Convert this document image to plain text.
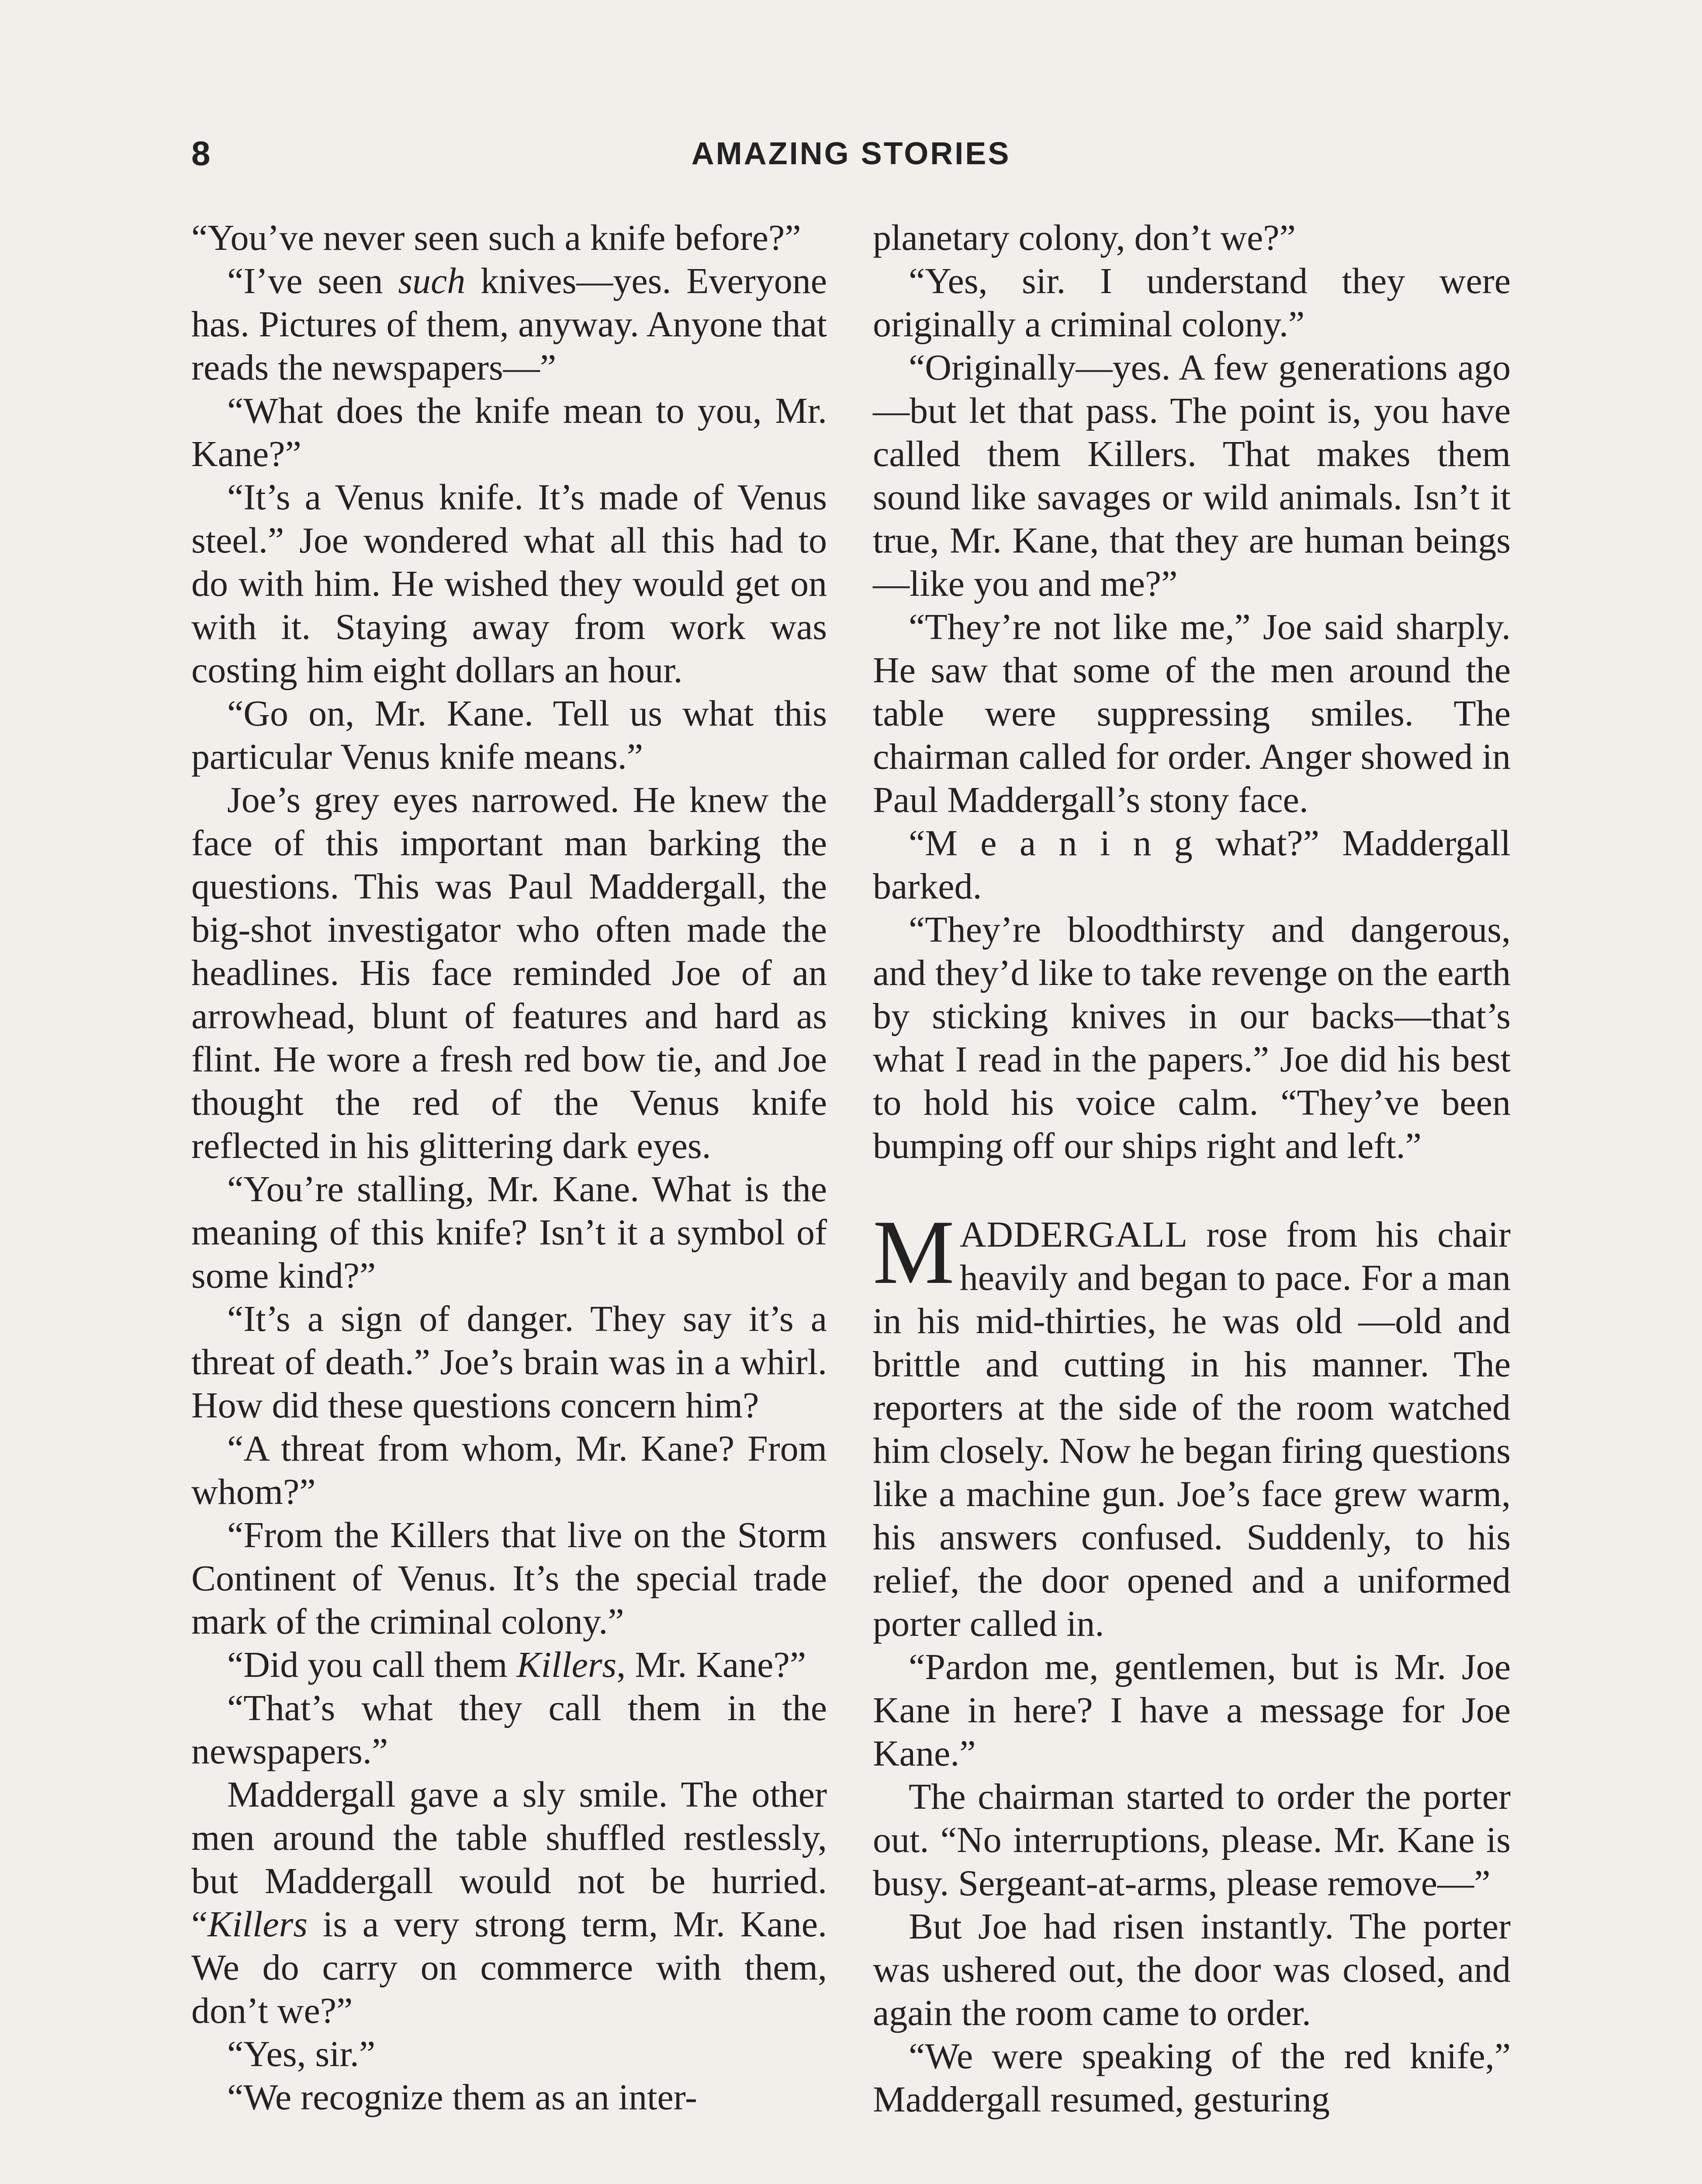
8	AMAZING STORIES

“You’ve never seen such a knife before?”

“I’ve seen such knives—yes. Everyone has. Pictures of them, anyway. Anyone that reads the newspapers—”

“What does the knife mean to you, Mr. Kane?”

“It’s a Venus knife. It’s made of Venus steel.” Joe wondered what all this had to do with him. He wished they would get on with it. Staying away from work was costing him eight dollars an hour.

“Go on, Mr. Kane. Tell us what this particular Venus knife means.”

Joe’s grey eyes narrowed. He knew the face of this important man barking the questions. This was Paul Maddergall, the big-shot investigator who often made the headlines. His face reminded Joe of an arrowhead, blunt of features and hard as flint. He wore a fresh red bow tie, and Joe thought the red of the Venus knife reflected in his glittering dark eyes.

“You’re stalling, Mr. Kane. What is the meaning of this knife? Isn’t it a symbol of some kind?”

“It’s a sign of danger. They say it’s a threat of death.” Joe’s brain was in a whirl. How did these questions concern him?

“A threat from whom, Mr. Kane? From whom?”

“From the Killers that live on the Storm Continent of Venus. It’s the special trade mark of the criminal colony.”

“Did you call them Killers, Mr. Kane?”

“That’s what they call them in the newspapers.”

Maddergall gave a sly smile. The other men around the table shuffled restlessly, but Maddergall would not be hurried. “Killers is a very strong term, Mr. Kane. We do carry on commerce with them, don’t we?”

“Yes, sir.”

“We recognize them as an inter-

planetary colony, don’t we?”

“Yes, sir. I understand they were originally a criminal colony.”

“Originally—yes. A few generations ago—but let that pass. The point is, you have called them Killers. That makes them sound like savages or wild animals. Isn’t it true, Mr. Kane, that they are human beings—like you and me?”

“They’re not like me,” Joe said sharply. He saw that some of the men around the table were suppressing smiles. The chairman called for order. Anger showed in Paul Maddergall’s stony face.

“M e a n i n g what?” Maddergall barked.

“They’re bloodthirsty and dangerous, and they’d like to take revenge on the earth by sticking knives in our backs—that’s what I read in the papers.” Joe did his best to hold his voice calm. “They’ve been bumping off our ships right and left.”

MADDERGALL rose from his chair heavily and began to pace. For a man in his mid-thirties, he was old —old and brittle and cutting in his manner. The reporters at the side of the room watched him closely. Now he began firing questions like a machine gun. Joe’s face grew warm, his answers confused. Suddenly, to his relief, the door opened and a uniformed porter called in.

“Pardon me, gentlemen, but is Mr. Joe Kane in here? I have a message for Joe Kane.”

The chairman started to order the porter out. “No interruptions, please. Mr. Kane is busy. Sergeant-at-arms, please remove—”

But Joe had risen instantly. The porter was ushered out, the door was closed, and again the room came to order.

“We were speaking of the red knife,” Maddergall resumed, gesturing
